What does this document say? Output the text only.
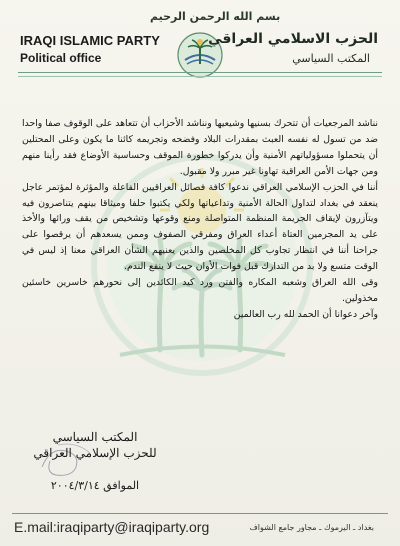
بسم الله الرحمن الرحيم
IRAQI ISLAMIC PARTY
Political office
الحزب الاسلامي العراقي
المكتب السياسي

نناشد المرجعيات أن تتحرك بسنيها وشيعيها ونناشد الأحزاب أن تتعاهد على الوقوف صفا واحدا ضد من تسول له نفسه العبث بمقدرات البلاد وفضحه وتجريمه كائنا ما يكون وعلى المحتلين أن يتحملوا مسؤولياتهم الأمنية وأن يدركوا خطورة الموقف وحساسية الأوضاع فقد رأينا منهم ومن جهات الأمن العراقية تهاونا غير مبرر ولا مقبول.

أننا في الحزب الإسلامي العراقي ندعوا كافة فصائل العراقيين الفاعلة والمؤثرة لمؤتمر عاجل ينعقد في بغداد لتداول الحالة الأمنية وتداعياتها ولكي يكتبوا حلفا وميثاقا بينهم يتناصرون فيه ويتآزرون لإيقاف الجريمة المنظمة المتواصلة ومنع وقوعها وتشخيص من يقف ورائها والأخذ على يد المجرمين العتاة أعداء العراق ومفرقي الصفوف وممن يسعدهم أن يرقصوا على جراحنا أننا في انتظار تجاوب كل المخلصين والذين يعنيهم الشأن العراقي معنا إذ ليس في الوقت متسع ولا بد من التدارك قبل فوات الأوان حيث لا ينفع الندم.

وقى الله العراق وشعبه المكاره والفتن ورد كيد الكائدين إلى نحورهم خاسرين خاسئين مخذولين.

وآخر دعوانا أن الحمد لله رب العالمين

المكتب السياسي
للحزب الإسلامي العراقي
الموافق ٢٠٠٤/٣/١٤
E.mail:iraqiparty@iraqiparty.org	بغداد ـ اليرموك ـ مجاور جامع الشواف
